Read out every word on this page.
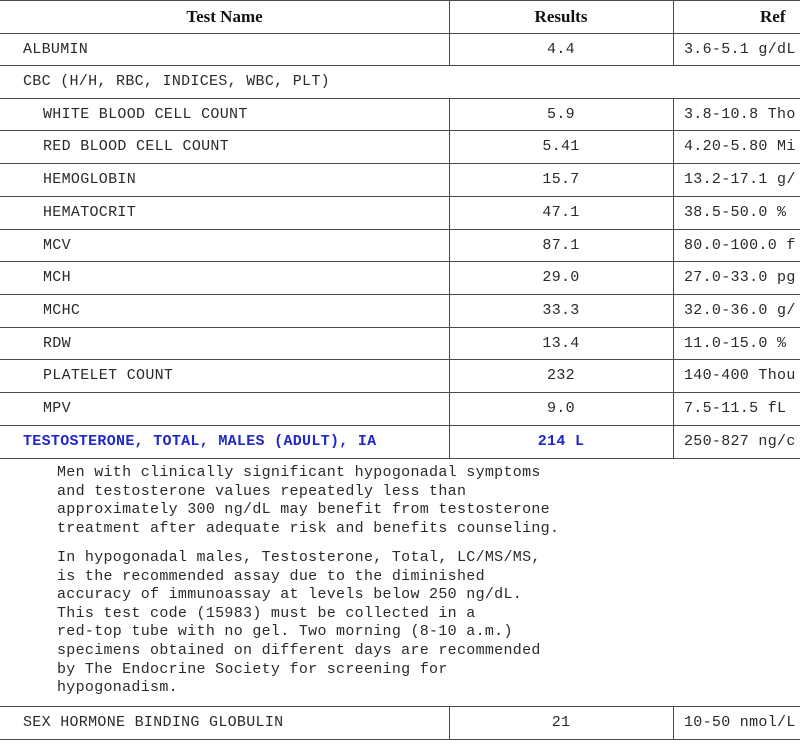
Test Name	Results	Ref
ALBUMIN	4.4	3.6-5.1 g/dL
CBC (H/H, RBC, INDICES, WBC, PLT)
WHITE BLOOD CELL COUNT	5.9	3.8-10.8 Tho
RED BLOOD CELL COUNT	5.41	4.20-5.80 Mi
HEMOGLOBIN	15.7	13.2-17.1 g/
HEMATOCRIT	47.1	38.5-50.0 %
MCV	87.1	80.0-100.0 f
MCH	29.0	27.0-33.0 pg
MCHC	33.3	32.0-36.0 g/
RDW	13.4	11.0-15.0 %
PLATELET COUNT	232	140-400 Thou
MPV	9.0	7.5-11.5 fL
TESTOSTERONE, TOTAL, MALES (ADULT), IA	214 L	250-827 ng/c
Men with clinically significant hypogonadal symptoms
and testosterone values repeatedly less than
approximately 300 ng/dL may benefit from testosterone
treatment after adequate risk and benefits counseling.
In hypogonadal males, Testosterone, Total, LC/MS/MS,
is the recommended assay due to the diminished
accuracy of immunoassay at levels below 250 ng/dL.
This test code (15983) must be collected in a
red-top tube with no gel. Two morning (8-10 a.m.)
specimens obtained on different days are recommended
by The Endocrine Society for screening for
hypogonadism.
SEX HORMONE BINDING GLOBULIN	21	10-50 nmol/L
